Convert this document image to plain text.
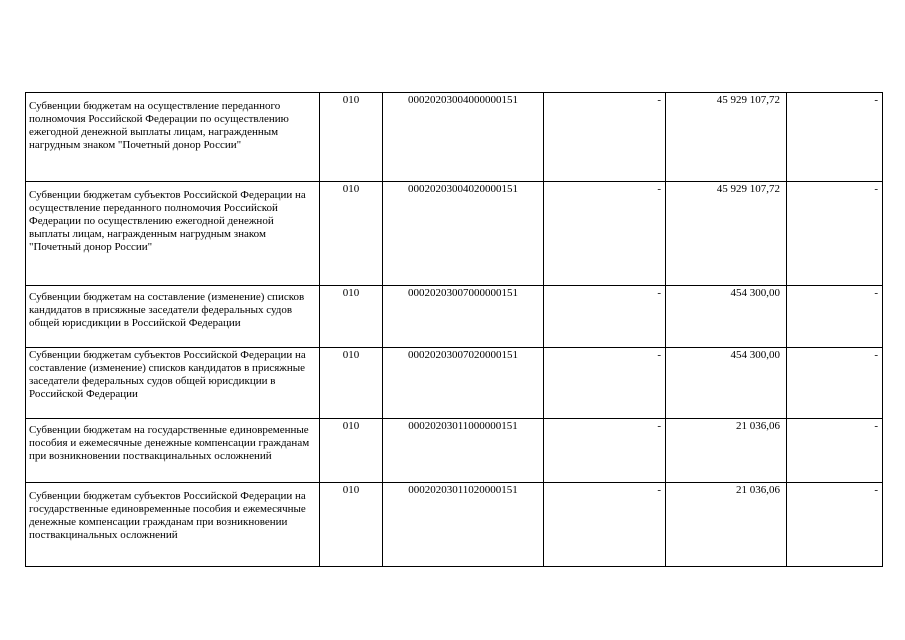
Субвенции бюджетам на осуществление переданного полномочия Российской Федерации по осуществлению ежегодной денежной выплаты лицам, награжденным нагрудным знаком "Почетный донор России"	010	00020203004000000151	-	45 929 107,72	-
Субвенции бюджетам субъектов Российской Федерации на осуществление переданного полномочия Российской Федерации по осуществлению ежегодной денежной выплаты лицам, награжденным нагрудным знаком "Почетный донор России"	010	00020203004020000151	-	45 929 107,72	-
Субвенции бюджетам на составление (изменение) списков кандидатов в присяжные заседатели федеральных судов общей юрисдикции в Российской Федерации	010	00020203007000000151	-	454 300,00	-
Субвенции бюджетам субъектов Российской Федерации на составление (изменение) списков кандидатов в присяжные заседатели федеральных судов общей юрисдикции в Российской Федерации	010	00020203007020000151	-	454 300,00	-
Субвенции бюджетам на государственные единовременные пособия и ежемесячные денежные компенсации гражданам при возникновении поствакцинальных осложнений	010	00020203011000000151	-	21 036,06	-
Субвенции бюджетам субъектов Российской Федерации на государственные единовременные пособия и ежемесячные денежные компенсации гражданам при возникновении поствакцинальных осложнений	010	00020203011020000151	-	21 036,06	-
